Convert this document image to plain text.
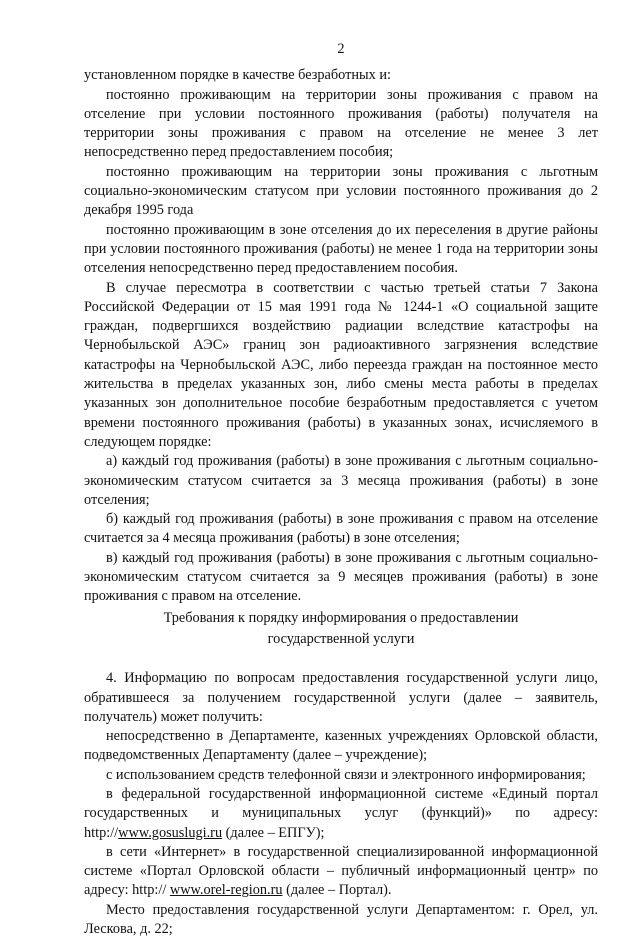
2

установленном порядке в качестве безработных и:

постоянно проживающим на территории зоны проживания с правом на отселение при условии постоянного проживания (работы) получателя на территории зоны проживания с правом на отселение не менее 3 лет непосредственно перед предоставлением пособия;

постоянно проживающим на территории зоны проживания с льготным социально-экономическим статусом при условии постоянного проживания до 2 декабря 1995 года

постоянно проживающим в зоне отселения до их переселения в другие районы при условии постоянного проживания (работы) не менее 1 года на территории зоны отселения непосредственно перед предоставлением пособия.

В случае пересмотра в соответствии с частью третьей статьи 7 Закона Российской Федерации от 15 мая 1991 года № 1244-1 «О социальной защите граждан, подвергшихся воздействию радиации вследствие катастрофы на Чернобыльской АЭС» границ зон радиоактивного загрязнения вследствие катастрофы на Чернобыльской АЭС, либо переезда граждан на постоянное место жительства в пределах указанных зон, либо смены места работы в пределах указанных зон дополнительное пособие безработным предоставляется с учетом времени постоянного проживания (работы) в указанных зонах, исчисляемого в следующем порядке:

а) каждый год проживания (работы) в зоне проживания с льготным социально-экономическим статусом считается за 3 месяца проживания (работы) в зоне отселения;

б) каждый год проживания (работы) в зоне проживания с правом на отселение считается за 4 месяца проживания (работы) в зоне отселения;

в) каждый год проживания (работы) в зоне проживания с льготным социально-экономическим статусом считается за 9 месяцев проживания (работы) в зоне проживания с правом на отселение.

Требования к порядку информирования о предоставлении

государственной услуги

4. Информацию по вопросам предоставления государственной услуги лицо, обратившееся за получением государственной услуги (далее – заявитель, получатель) может получить:

непосредственно в Департаменте, казенных учреждениях Орловской области, подведомственных Департаменту (далее – учреждение);

с использованием средств телефонной связи и электронного информирования;

в федеральной государственной информационной системе «Единый портал государственных и муниципальных услуг (функций)» по адресу: http://www.gosuslugi.ru (далее – ЕПГУ);

в сети «Интернет» в государственной специализированной информационной системе «Портал Орловской области – публичный информационный центр» по адресу: http:// www.orel-region.ru (далее – Портал).

Место предоставления государственной услуги Департаментом: г. Орел, ул. Лескова, д. 22;
